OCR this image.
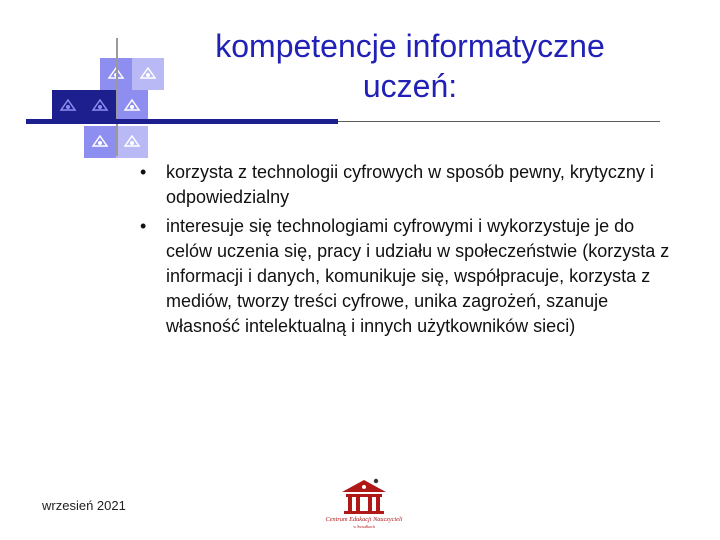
kompetencje informatyczne
uczeń:
• korzysta z technologii cyfrowych w sposób pewny, krytyczny i odpowiedzialny
• interesuje się technologiami cyfrowymi i wykorzystuje je do celów uczenia się, pracy i udziału w społeczeństwie (korzysta z informacji i danych, komunikuje się, współpracuje, korzysta z mediów, tworzy treści cyfrowe, unika zagrożeń, szanuje własność intelektualną i innych użytkowników sieci)
wrzesień 2021
Centrum Edukacji Nauczycieli
w Suwałkach
